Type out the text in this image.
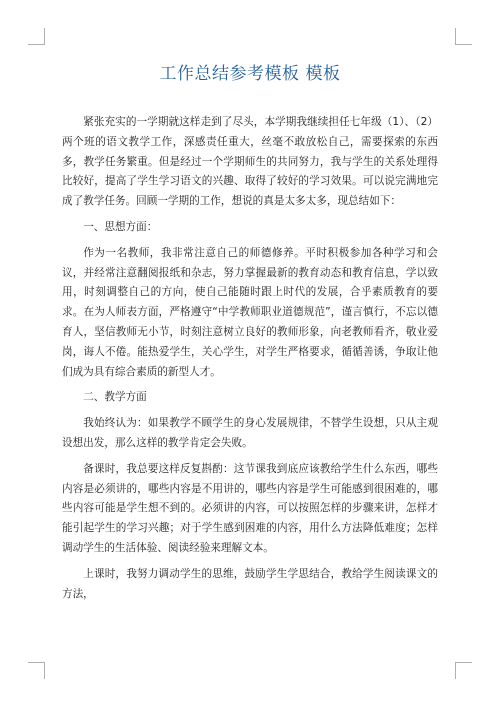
工作总结参考模板 模板

紧张充实的一学期就这样走到了尽头，本学期我继续担任七年级（1）、（2）两个班的语文教学工作，深感责任重大，丝毫不敢放松自己，需要探索的东西多，教学任务繁重。但是经过一个学期师生的共同努力，我与学生的关系处理得比较好，提高了学生学习语文的兴趣、取得了较好的学习效果。可以说完满地完成了教学任务。回顾一学期的工作，想说的真是太多太多，现总结如下：

一、思想方面：

作为一名教师，我非常注意自己的师德修养。平时积极参加各种学习和会议，并经常注意翻阅报纸和杂志，努力掌握最新的教育动态和教育信息，学以致用，时刻调整自己的方向，使自己能随时跟上时代的发展，合乎素质教育的要求。在为人师表方面，严格遵守“中学教师职业道德规范”，谨言慎行，不忘以德育人，坚信教师无小节，时刻注意树立良好的教师形象，向老教师看齐，敬业爱岗，诲人不倦。能热爱学生，关心学生，对学生严格要求，循循善诱，争取让他们成为具有综合素质的新型人才。

二、教学方面

我始终认为：如果教学不顾学生的身心发展规律，不替学生设想，只从主观设想出发，那么这样的教学肯定会失败。

备课时，我总要这样反复斟酌：这节课我到底应该教给学生什么东西，哪些内容是必须讲的，哪些内容是不用讲的，哪些内容是学生可能感到很困难的，哪些内容可能是学生想不到的。必须讲的内容，可以按照怎样的步骤来讲，怎样才能引起学生的学习兴趣；对于学生感到困难的内容，用什么方法降低难度；怎样调动学生的生活体验、阅读经验来理解文本。

上课时，我努力调动学生的思维，鼓励学生学思结合，教给学生阅读课文的方法，
